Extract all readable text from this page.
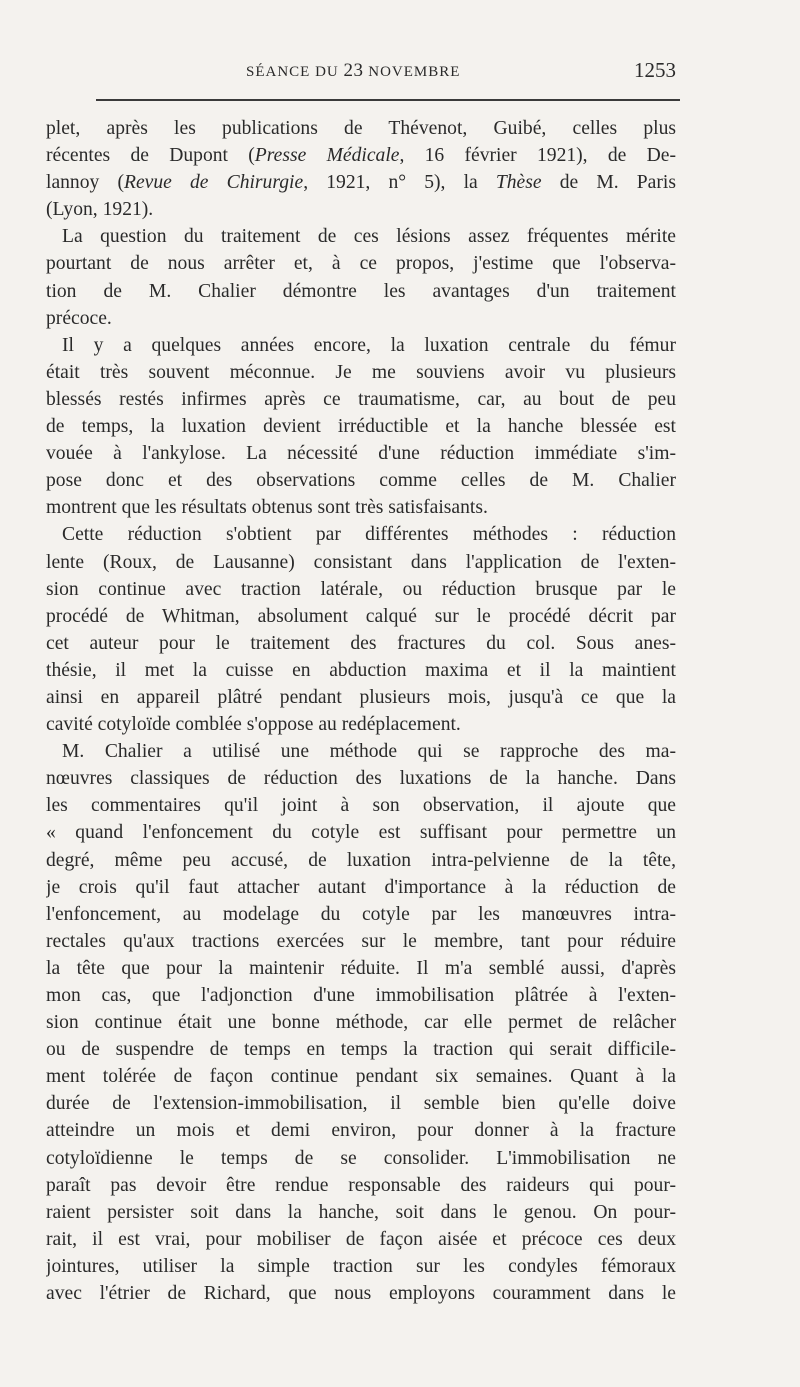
SÉANCE DU 23 NOVEMBRE	1253
plet, après les publications de Thévenot, Guibé, celles plus
récentes de Dupont (Presse Médicale, 16 février 1921), de De-
lannoy (Revue de Chirurgie, 1921, n° 5), la Thèse de M. Paris
(Lyon, 1921).
La question du traitement de ces lésions assez fréquentes mérite
pourtant de nous arrêter et, à ce propos, j'estime que l'observa-
tion de M. Chalier démontre les avantages d'un traitement
précoce.
Il y a quelques années encore, la luxation centrale du fémur
était très souvent méconnue. Je me souviens avoir vu plusieurs
blessés restés infirmes après ce traumatisme, car, au bout de peu
de temps, la luxation devient irréductible et la hanche blessée est
vouée à l'ankylose. La nécessité d'une réduction immédiate s'im-
pose donc et des observations comme celles de M. Chalier
montrent que les résultats obtenus sont très satisfaisants.
Cette réduction s'obtient par différentes méthodes : réduction
lente (Roux, de Lausanne) consistant dans l'application de l'exten-
sion continue avec traction latérale, ou réduction brusque par le
procédé de Whitman, absolument calqué sur le procédé décrit par
cet auteur pour le traitement des fractures du col. Sous anes-
thésie, il met la cuisse en abduction maxima et il la maintient
ainsi en appareil plâtré pendant plusieurs mois, jusqu'à ce que la
cavité cotyloïde comblée s'oppose au redéplacement.
M. Chalier a utilisé une méthode qui se rapproche des ma-
nœuvres classiques de réduction des luxations de la hanche. Dans
les commentaires qu'il joint à son observation, il ajoute que
« quand l'enfoncement du cotyle est suffisant pour permettre un
degré, même peu accusé, de luxation intra-pelvienne de la tête,
je crois qu'il faut attacher autant d'importance à la réduction de
l'enfoncement, au modelage du cotyle par les manœuvres intra-
rectales qu'aux tractions exercées sur le membre, tant pour réduire
la tête que pour la maintenir réduite. Il m'a semblé aussi, d'après
mon cas, que l'adjonction d'une immobilisation plâtrée à l'exten-
sion continue était une bonne méthode, car elle permet de relâcher
ou de suspendre de temps en temps la traction qui serait difficile-
ment tolérée de façon continue pendant six semaines. Quant à la
durée de l'extension-immobilisation, il semble bien qu'elle doive
atteindre un mois et demi environ, pour donner à la fracture
cotyloïdienne le temps de se consolider. L'immobilisation ne
paraît pas devoir être rendue responsable des raideurs qui pour-
raient persister soit dans la hanche, soit dans le genou. On pour-
rait, il est vrai, pour mobiliser de façon aisée et précoce ces deux
jointures, utiliser la simple traction sur les condyles fémoraux
avec l'étrier de Richard, que nous employons couramment dans le
